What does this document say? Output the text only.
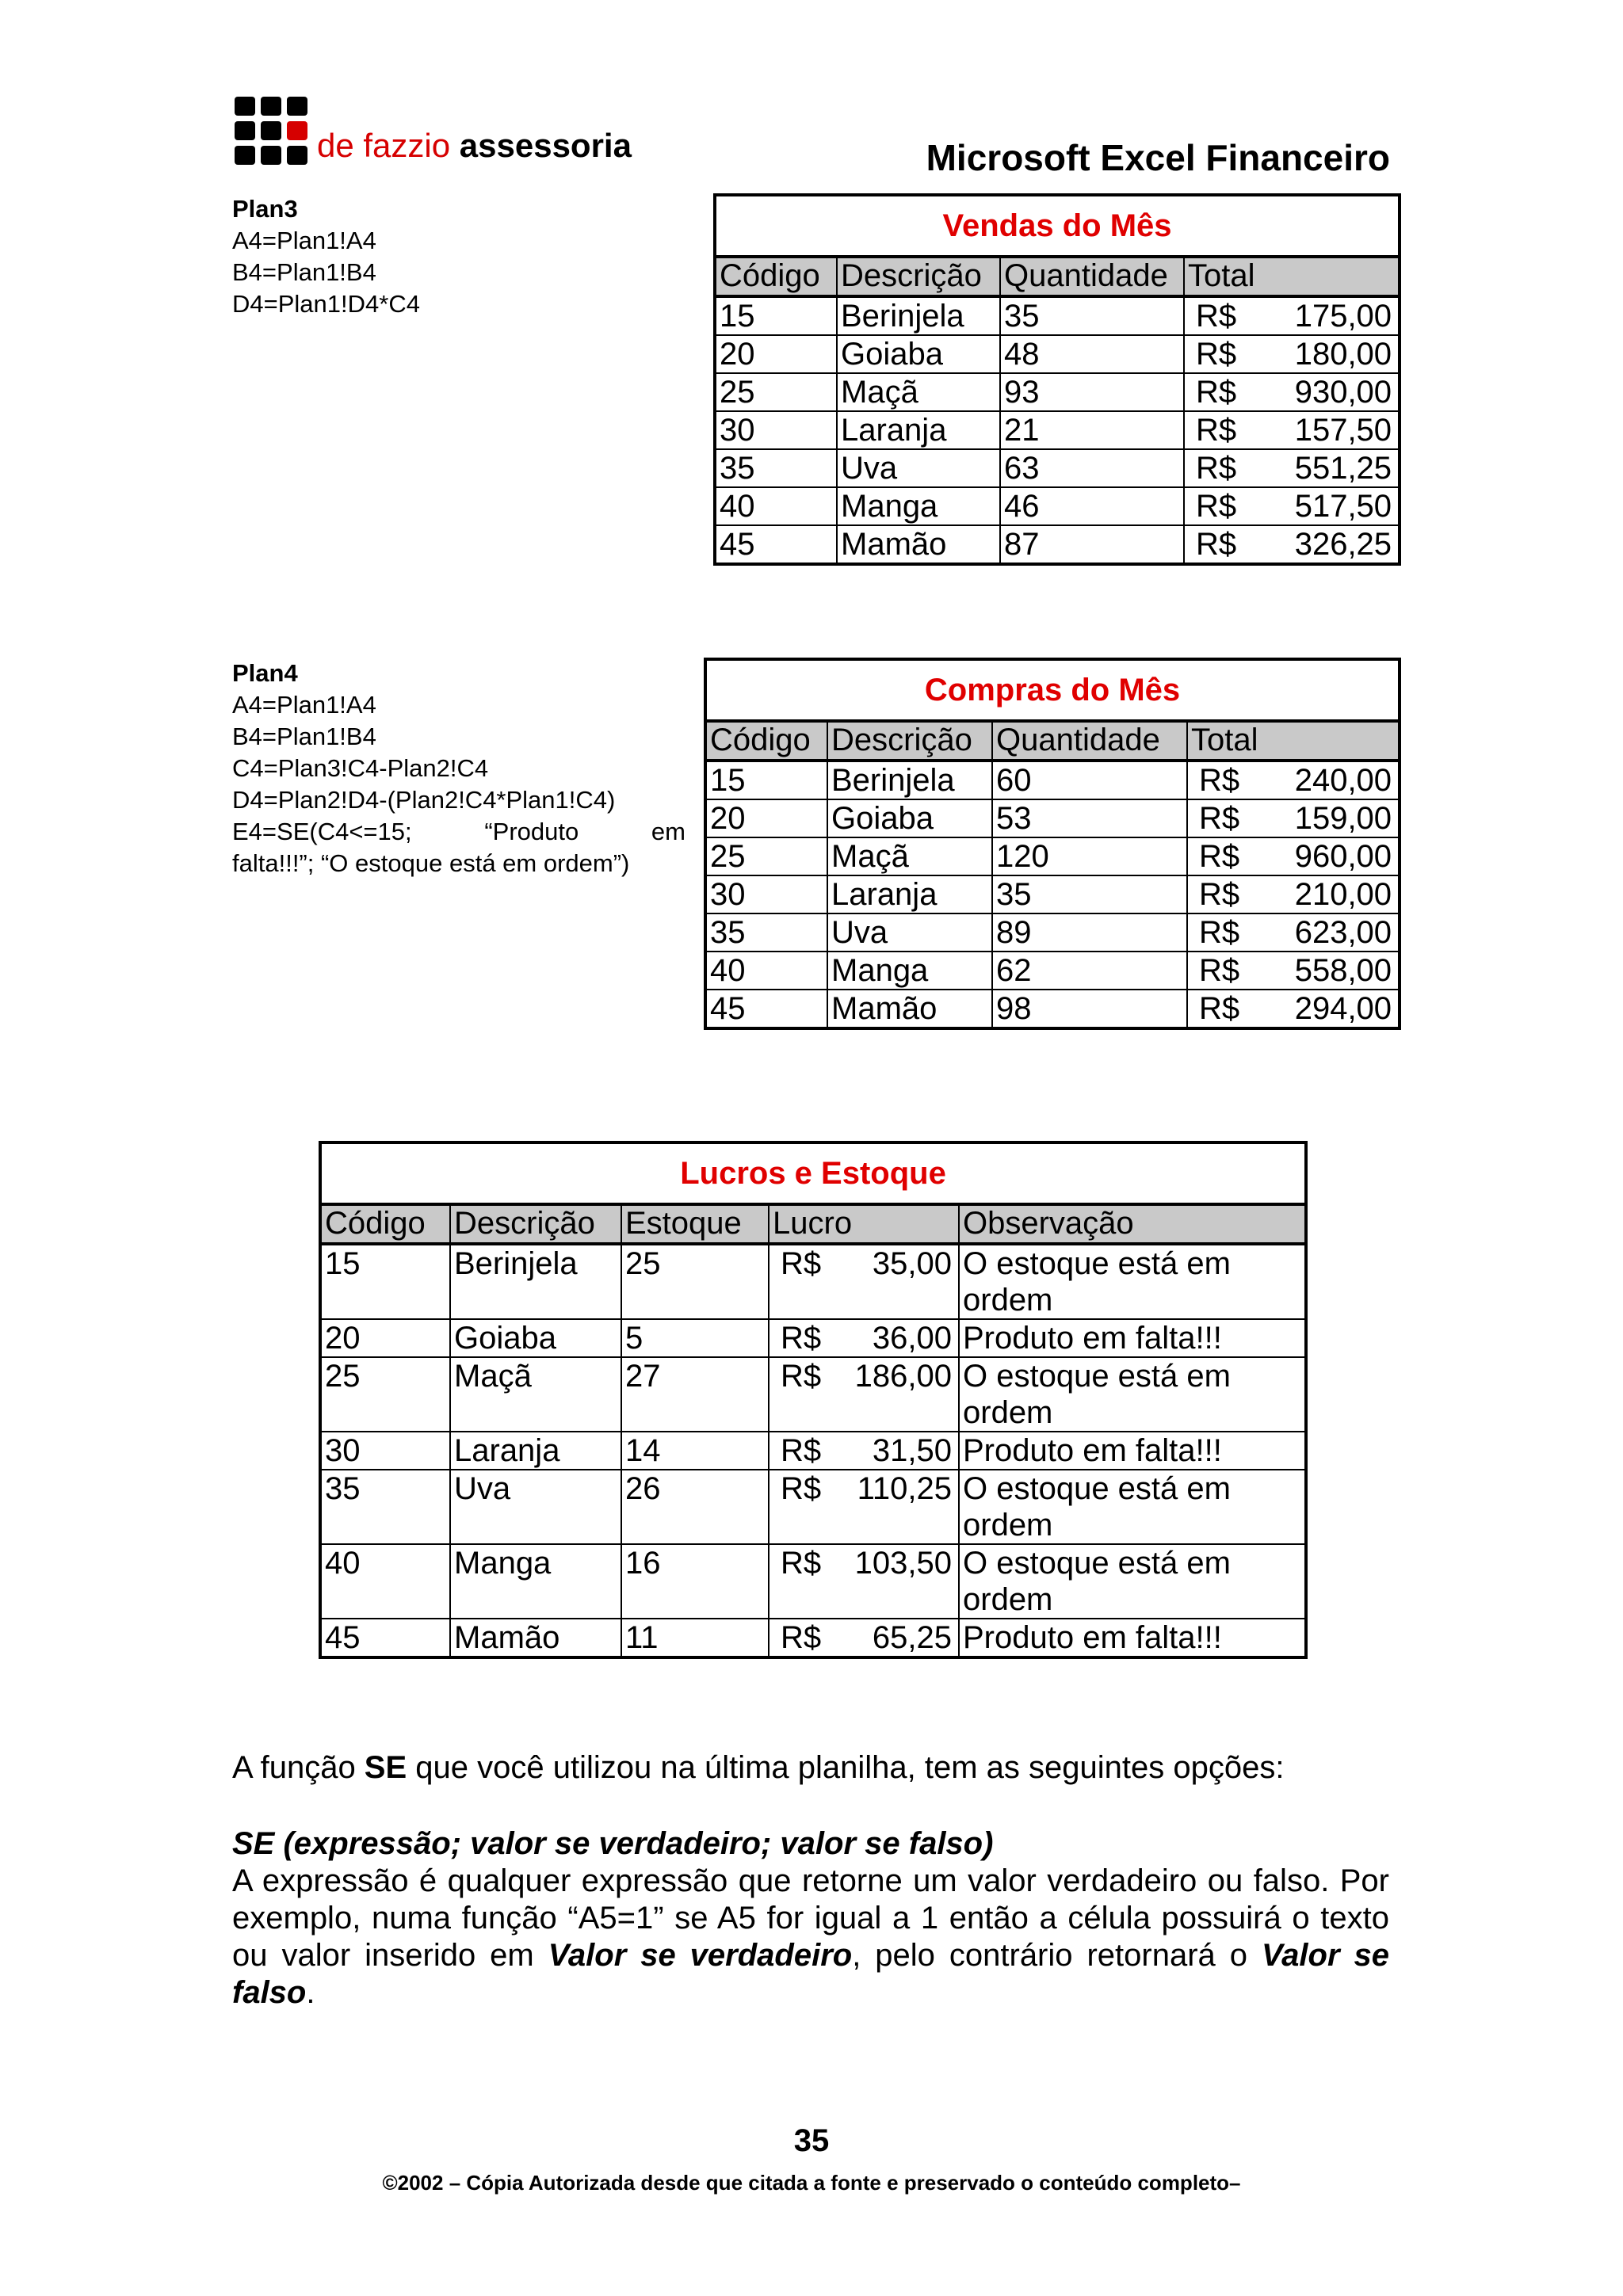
de fazzio assessoria	Microsoft Excel Financeiro
Plan3
A4=Plan1!A4
B4=Plan1!B4
D4=Plan1!D4*C4
Vendas do Mês			
Código	Descrição	Quantidade	Total
15	Berinjela	35	R$ 175,00

20	Goiaba	48	R$ 180,00

25	Maçã	93	R$ 930,00

30	Laranja	21	R$ 157,50

35	Uva	63	R$ 551,25

40	Manga	46	R$ 517,50

45	Mamão	87	R$ 326,25
Plan4
A4=Plan1!A4
B4=Plan1!B4
C4=Plan3!C4-Plan2!C4
D4=Plan2!D4-(Plan2!C4*Plan1!C4)
E4=SE(C4<=15; “Produto em
falta!!!”; “O estoque está em ordem”)
Compras do Mês			
Código	Descrição	Quantidade	Total
15	Berinjela	60	R$ 240,00

20	Goiaba	53	R$ 159,00

25	Maçã	120	R$ 960,00

30	Laranja	35	R$ 210,00

35	Uva	89	R$ 623,00

40	Manga	62	R$ 558,00

45	Mamão	98	R$ 294,00
Lucros e Estoque				
Código	Descrição	Estoque	Lucro	Observação
15	Berinjela	25	R$ 35,00	O estoque está em ordem
20	Goiaba	5	R$ 36,00	Produto em falta!!!
25	Maçã	27	R$ 186,00	O estoque está em ordem
30	Laranja	14	R$ 31,50	Produto em falta!!!
35	Uva	26	R$ 110,25	O estoque está em ordem
40	Manga	16	R$ 103,50	O estoque está em ordem
45	Mamão	11	R$ 65,25	Produto em falta!!!
A função SE que você utilizou na última planilha, tem as seguintes opções:
SE (expressão; valor se verdadeiro; valor se falso)
A expressão é qualquer expressão que retorne um valor verdadeiro ou falso. Por exemplo, numa função “A5=1” se A5 for igual a 1 então a célula possuirá o texto ou valor inserido em Valor se verdadeiro, pelo contrário retornará o Valor se falso.
35
©2002 – Cópia Autorizada desde que citada a fonte e preservado o conteúdo completo–
